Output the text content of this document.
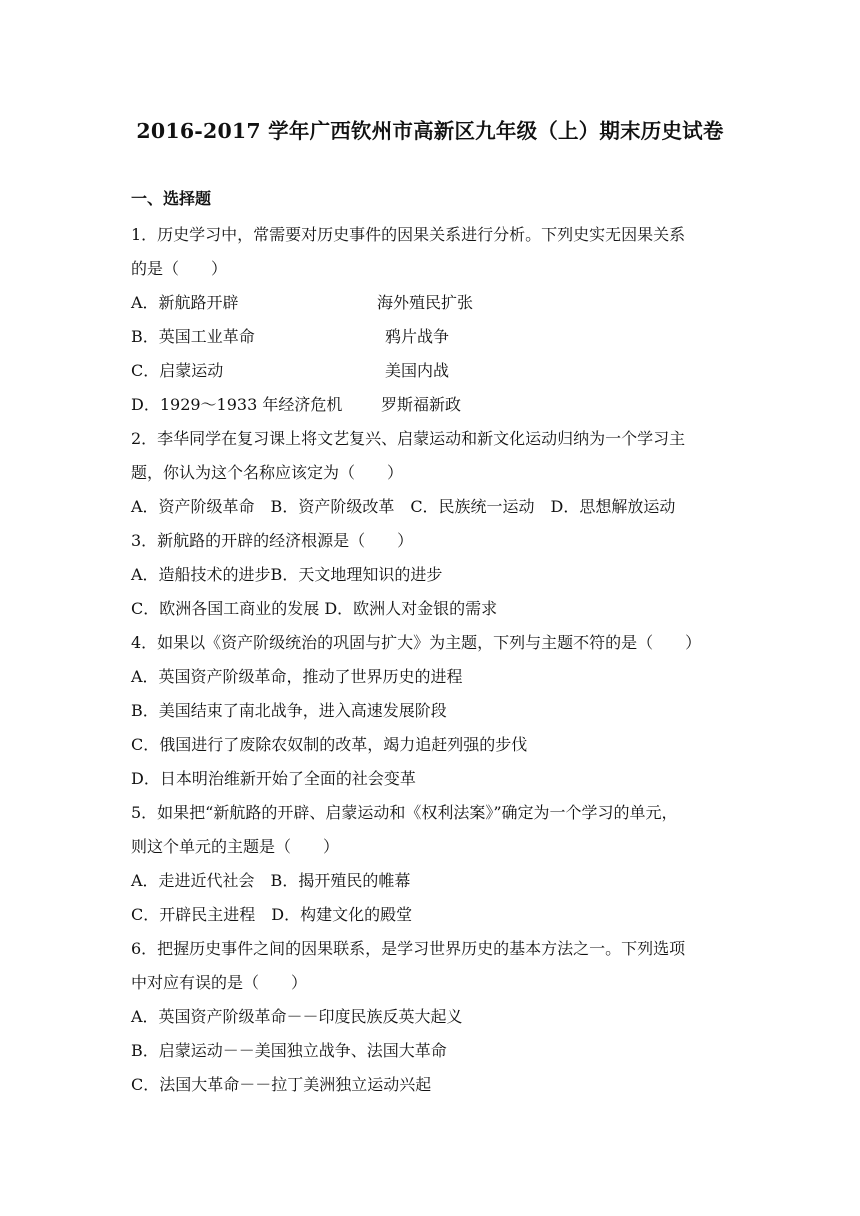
2016-2017 学年广西钦州市高新区九年级（上）期末历史试卷
一、选择题
1．历史学习中，常需要对历史事件的因果关系进行分析。下列史实无因果关系
的是（　　）
A．新航路开辟	海外殖民扩张
B．英国工业革命	鸦片战争
C．启蒙运动	美国内战
D．1929～1933 年经济危机 罗斯福新政
2．李华同学在复习课上将文艺复兴、启蒙运动和新文化运动归纳为一个学习主
题，你认为这个名称应该定为（　　）
A．资产阶级革命　B．资产阶级改革　C．民族统一运动　D．思想解放运动
3．新航路的开辟的经济根源是（　　）
A．造船技术的进步B．天文地理知识的进步
C．欧洲各国工商业的发展 D．欧洲人对金银的需求
4．如果以《资产阶级统治的巩固与扩大》为主题，下列与主题不符的是（　　）
A．英国资产阶级革命，推动了世界历史的进程
B．美国结束了南北战争，进入高速发展阶段
C．俄国进行了废除农奴制的改革，竭力追赶列强的步伐
D．日本明治维新开始了全面的社会变革
5．如果把“新航路的开辟、启蒙运动和《权利法案》”确定为一个学习的单元，
则这个单元的主题是（　　）
A．走进近代社会　B．揭开殖民的帷幕
C．开辟民主进程　D．构建文化的殿堂
6．把握历史事件之间的因果联系，是学习世界历史的基本方法之一。下列选项
中对应有误的是（　　）
A．英国资产阶级革命－－印度民族反英大起义
B．启蒙运动－－美国独立战争、法国大革命
C．法国大革命－－拉丁美洲独立运动兴起
